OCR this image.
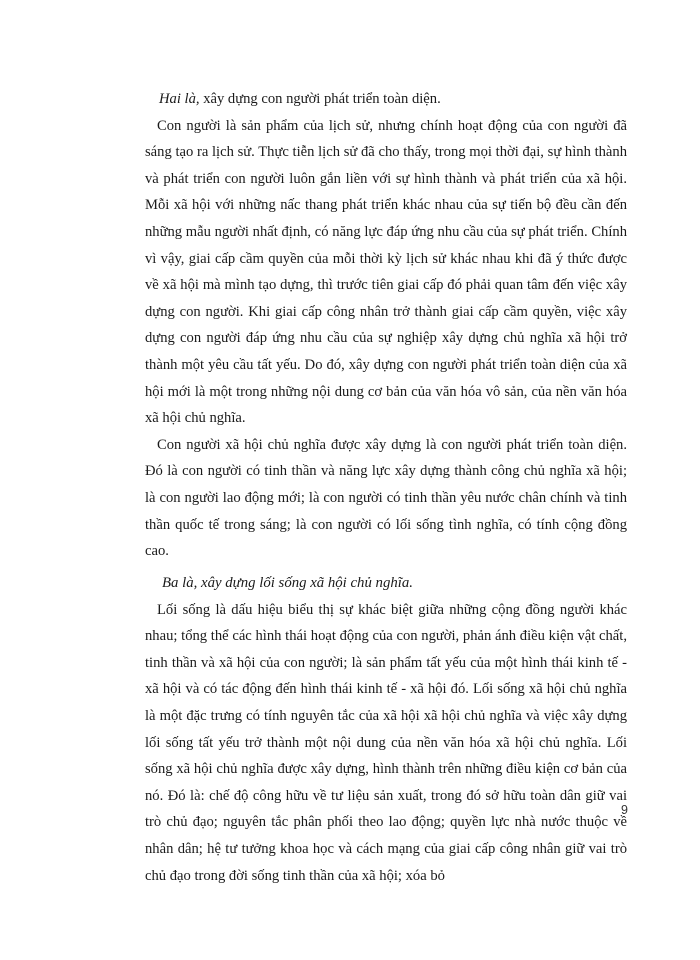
Hai là, xây dựng con người phát triển toàn diện.

Con người là sản phẩm của lịch sử, nhưng chính hoạt động của con người đã sáng tạo ra lịch sử. Thực tiễn lịch sử đã cho thấy, trong mọi thời đại, sự hình thành và phát triển con người luôn gắn liền với sự hình thành và phát triển của xã hội. Mỗi xã hội với những nấc thang phát triển khác nhau của sự tiến bộ đều cần đến những mẫu người nhất định, có năng lực đáp ứng nhu cầu của sự phát triển. Chính vì vậy, giai cấp cầm quyền của mỗi thời kỳ lịch sử khác nhau khi đã ý thức được về xã hội mà mình tạo dựng, thì trước tiên giai cấp đó phải quan tâm đến việc xây dựng con người. Khi giai cấp công nhân trở thành giai cấp cầm quyền, việc xây dựng con người đáp ứng nhu cầu của sự nghiệp xây dựng chủ nghĩa xã hội trở thành một yêu cầu tất yếu. Do đó, xây dựng con người phát triển toàn diện của xã hội mới là một trong những nội dung cơ bản của văn hóa vô sản, của nền văn hóa xã hội chủ nghĩa.

Con người xã hội chủ nghĩa được xây dựng là con người phát triển toàn diện. Đó là con người có tinh thần và năng lực xây dựng thành công chủ nghĩa xã hội; là con người lao động mới; là con người có tinh thần yêu nước chân chính và tinh thần quốc tế trong sáng; là con người có lối sống tình nghĩa, có tính cộng đồng cao.

Ba là, xây dựng lối sống xã hội chủ nghĩa.

Lối sống là dấu hiệu biểu thị sự khác biệt giữa những cộng đồng người khác nhau; tổng thể các hình thái hoạt động của con người, phản ánh điều kiện vật chất, tinh thần và xã hội của con người; là sản phẩm tất yếu của một hình thái kinh tế - xã hội và có tác động đến hình thái kinh tế - xã hội đó. Lối sống xã hội chủ nghĩa là một đặc trưng có tính nguyên tắc của xã hội xã hội chủ nghĩa và việc xây dựng lối sống tất yếu trở thành một nội dung của nền văn hóa xã hội chủ nghĩa. Lối sống xã hội chủ nghĩa được xây dựng, hình thành trên những điều kiện cơ bản của nó. Đó là: chế độ công hữu về tư liệu sản xuất, trong đó sở hữu toàn dân giữ vai trò chủ đạo; nguyên tắc phân phối theo lao động; quyền lực nhà nước thuộc về nhân dân; hệ tư tưởng khoa học và cách mạng của giai cấp công nhân giữ vai trò chủ đạo trong đời sống tinh thần của xã hội; xóa bỏ

9
